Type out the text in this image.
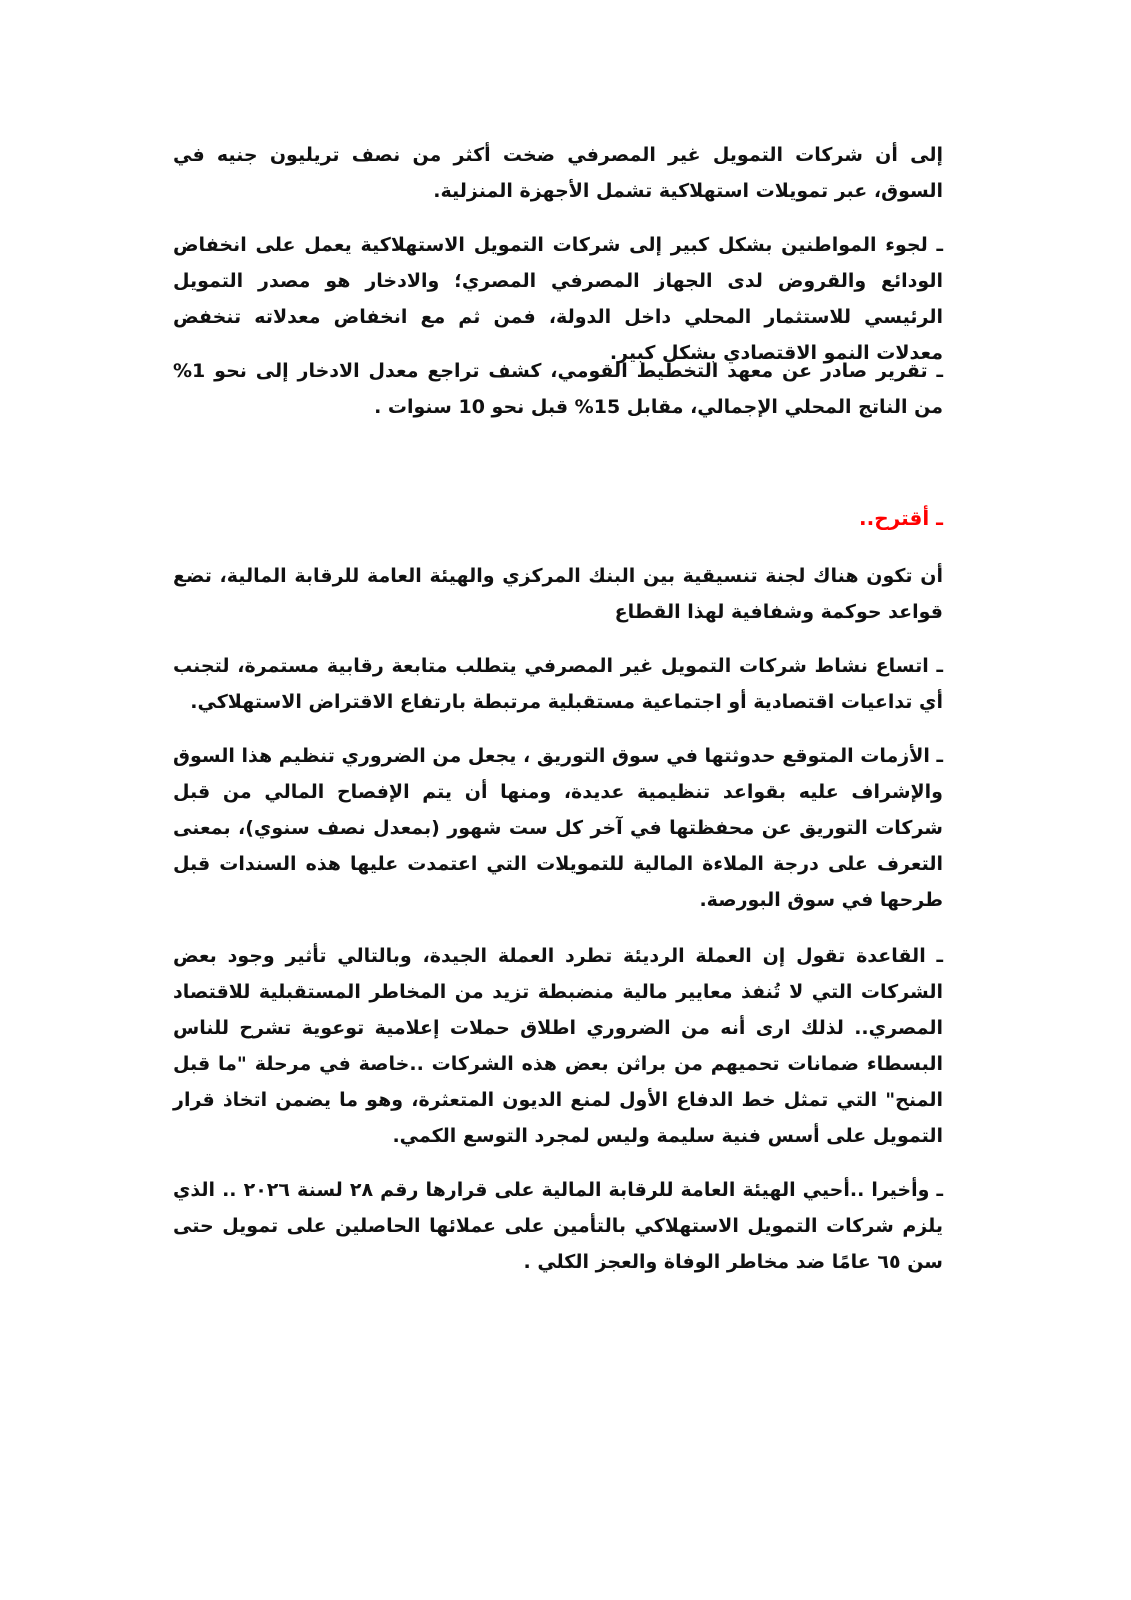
إلى أن شركات التمويل غير المصرفي ضخت أكثر من نصف تريليون جنيه في السوق، عبر تمويلات استهلاكية تشمل الأجهزة المنزلية.

ـ لجوء المواطنين بشكل كبير إلى شركات التمويل الاستهلاكية يعمل على انخفاض الودائع والقروض لدى الجهاز المصرفي المصري؛ والادخار هو مصدر التمويل الرئيسي للاستثمار المحلي داخل الدولة، فمن ثم مع انخفاض معدلاته تنخفض معدلات النمو الاقتصادي بشكل كبير.

ـ تقرير صادر عن معهد التخطيط القومي، كشف تراجع معدل الادخار إلى نحو 1% من الناتج المحلي الإجمالي، مقابل 15% قبل نحو 10 سنوات .

ـ أقترح..

أن تكون هناك لجنة تنسيقية بين البنك المركزي والهيئة العامة للرقابة المالية، تضع قواعد حوكمة وشفافية لهذا القطاع

ـ اتساع نشاط شركات التمويل غير المصرفي يتطلب متابعة رقابية مستمرة، لتجنب أي تداعيات اقتصادية أو اجتماعية مستقبلية مرتبطة بارتفاع الاقتراض الاستهلاكي.

ـ الأزمات المتوقع حدوثتها في سوق التوريق ، يجعل من الضروري تنظيم هذا السوق والإشراف عليه بقواعد تنظيمية عديدة، ومنها أن يتم الإفصاح المالي من قبل شركات التوريق عن محفظتها في آخر كل ست شهور (بمعدل نصف سنوي)، بمعنى التعرف على درجة الملاءة المالية للتمويلات التي اعتمدت عليها هذه السندات قبل طرحها في سوق البورصة.

ـ القاعدة تقول إن العملة الرديئة تطرد العملة الجيدة، وبالتالي تأثير وجود بعض الشركات التي لا تُنفذ معايير مالية منضبطة تزيد من المخاطر المستقبلية للاقتصاد المصري.. لذلك ارى أنه من الضروري اطلاق حملات إعلامية توعوية تشرح للناس البسطاء ضمانات تحميهم من براثن بعض هذه الشركات ..خاصة في مرحلة "ما قبل المنح" التي تمثل خط الدفاع الأول لمنع الديون المتعثرة، وهو ما يضمن اتخاذ قرار التمويل على أسس فنية سليمة وليس لمجرد التوسع الكمي.

ـ وأخيرا ..أحيي الهيئة العامة للرقابة المالية على قرارها رقم ٢٨ لسنة ٢٠٢٦ .. الذي يلزم شركات التمويل الاستهلاكي بالتأمين على عملائها الحاصلين على تمويل حتى سن ٦٥ عامًا ضد مخاطر الوفاة والعجز الكلي .
